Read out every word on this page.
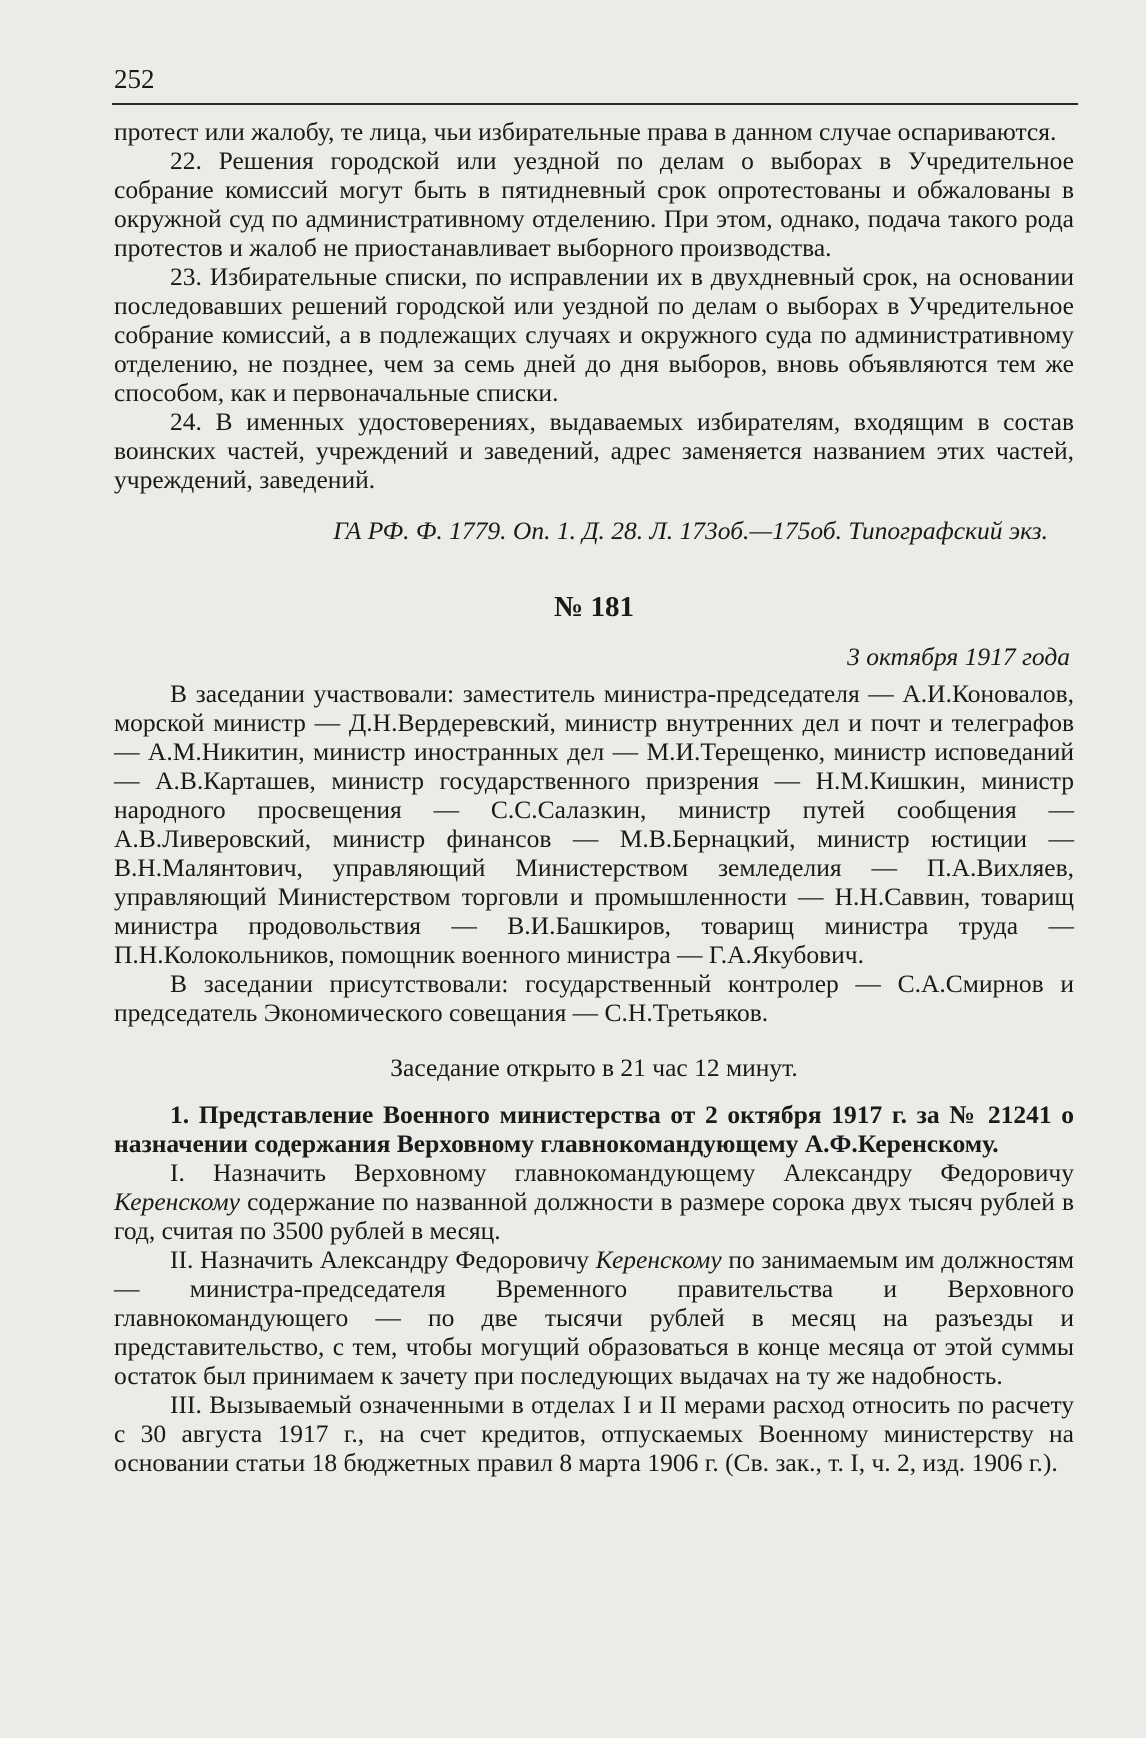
252

протест или жалобу, те лица, чьи избирательные права в данном случае оспариваются.

22. Решения городской или уездной по делам о выборах в Учредительное собрание комиссий могут быть в пятидневный срок опротестованы и обжалованы в окружной суд по административному отделению. При этом, однако, подача такого рода протестов и жалоб не приостанавливает выборного производства.

23. Избирательные списки, по исправлении их в двухдневный срок, на основании последовавших решений городской или уездной по делам о выборах в Учредительное собрание комиссий, а в подлежащих случаях и окружного суда по административному отделению, не позднее, чем за семь дней до дня выборов, вновь объявляются тем же способом, как и первоначальные списки.

24. В именных удостоверениях, выдаваемых избирателям, входящим в состав воинских частей, учреждений и заведений, адрес заменяется названием этих частей, учреждений, заведений.

ГА РФ. Ф. 1779. Оп. 1. Д. 28. Л. 173об.—175об. Типографский экз.
№ 181
3 октября 1917 года

В заседании участвовали: заместитель министра-председателя — А.И.Коновалов, морской министр — Д.Н.Вердеревский, министр внутренних дел и почт и телеграфов — А.М.Никитин, министр иностранных дел — М.И.Терещенко, министр исповеданий — А.В.Карташев, министр государственного призрения — Н.М.Кишкин, министр народного просвещения — С.С.Салазкин, министр путей сообщения — А.В.Ливеровский, министр финансов — М.В.Бернацкий, министр юстиции — В.Н.Малянтович, управляющий Министерством земледелия — П.А.Вихляев, управляющий Министерством торговли и промышленности — Н.Н.Саввин, товарищ министра продовольствия — В.И.Башкиров, товарищ министра труда — П.Н.Колокольников, помощник военного министра — Г.А.Якубович.

В заседании присутствовали: государственный контролер — С.А.Смирнов и председатель Экономического совещания — С.Н.Третьяков.

Заседание открыто в 21 час 12 минут.

1. Представление Военного министерства от 2 октября 1917 г. за № 21241 о назначении содержания Верховному главнокомандующему А.Ф.Керенскому.

I. Назначить Верховному главнокомандующему Александру Федоровичу Керенскому содержание по названной должности в размере сорока двух тысяч рублей в год, считая по 3500 рублей в месяц.

II. Назначить Александру Федоровичу Керенскому по занимаемым им должностям — министра-председателя Временного правительства и Верховного главнокомандующего — по две тысячи рублей в месяц на разъезды и представительство, с тем, чтобы могущий образоваться в конце месяца от этой суммы остаток был принимаем к зачету при последующих выдачах на ту же надобность.

III. Вызываемый означенными в отделах I и II мерами расход относить по расчету с 30 августа 1917 г., на счет кредитов, отпускаемых Военному министерству на основании статьи 18 бюджетных правил 8 марта 1906 г. (Св. зак., т. I, ч. 2, изд. 1906 г.).
